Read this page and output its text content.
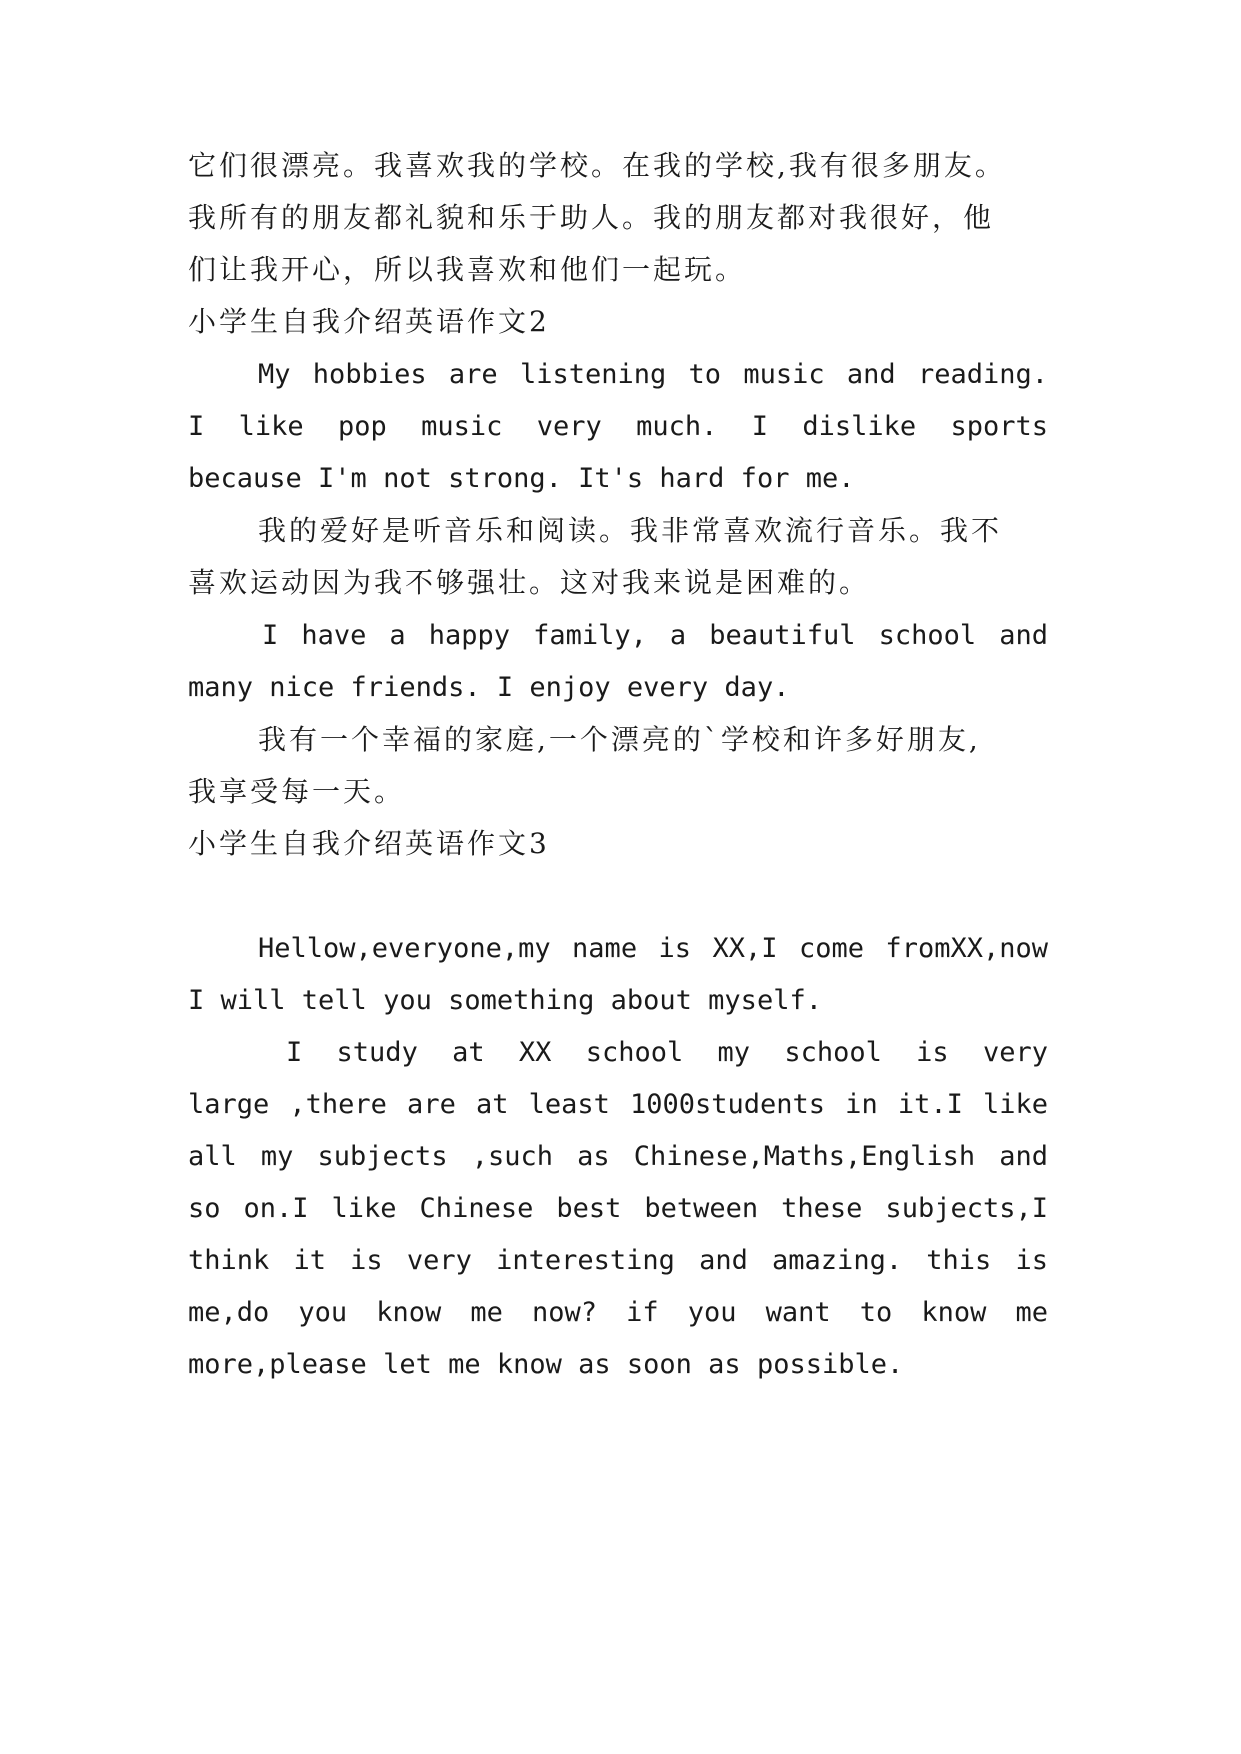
它们很漂亮。我喜欢我的学校。在我的学校,我有很多朋友。
我所有的朋友都礼貌和乐于助人。我的朋友都对我很好，他
们让我开心，所以我喜欢和他们一起玩。
小学生自我介绍英语作文2
My hobbies are listening to music and reading.
I like pop music very much. I dislike sports
because I'm not strong. It's hard for me.
我的爱好是听音乐和阅读。我非常喜欢流行音乐。我不
喜欢运动因为我不够强壮。这对我来说是困难的。
I have a happy family, a beautiful school and
many nice friends. I enjoy every day.
我有一个幸福的家庭,一个漂亮的`学校和许多好朋友,
我享受每一天。
小学生自我介绍英语作文3
Hellow,everyone,my name is XX,I come fromXX,now
I will tell you something about myself.
I study at XX school my school is very
large ,there are at least 1000students in it.I like
all my subjects ,such as Chinese,Maths,English and
so on.I like Chinese best between these subjects,I
think it is very interesting and amazing. this is
me,do you know me now? if you want to know me
more,please let me know as soon as possible.
